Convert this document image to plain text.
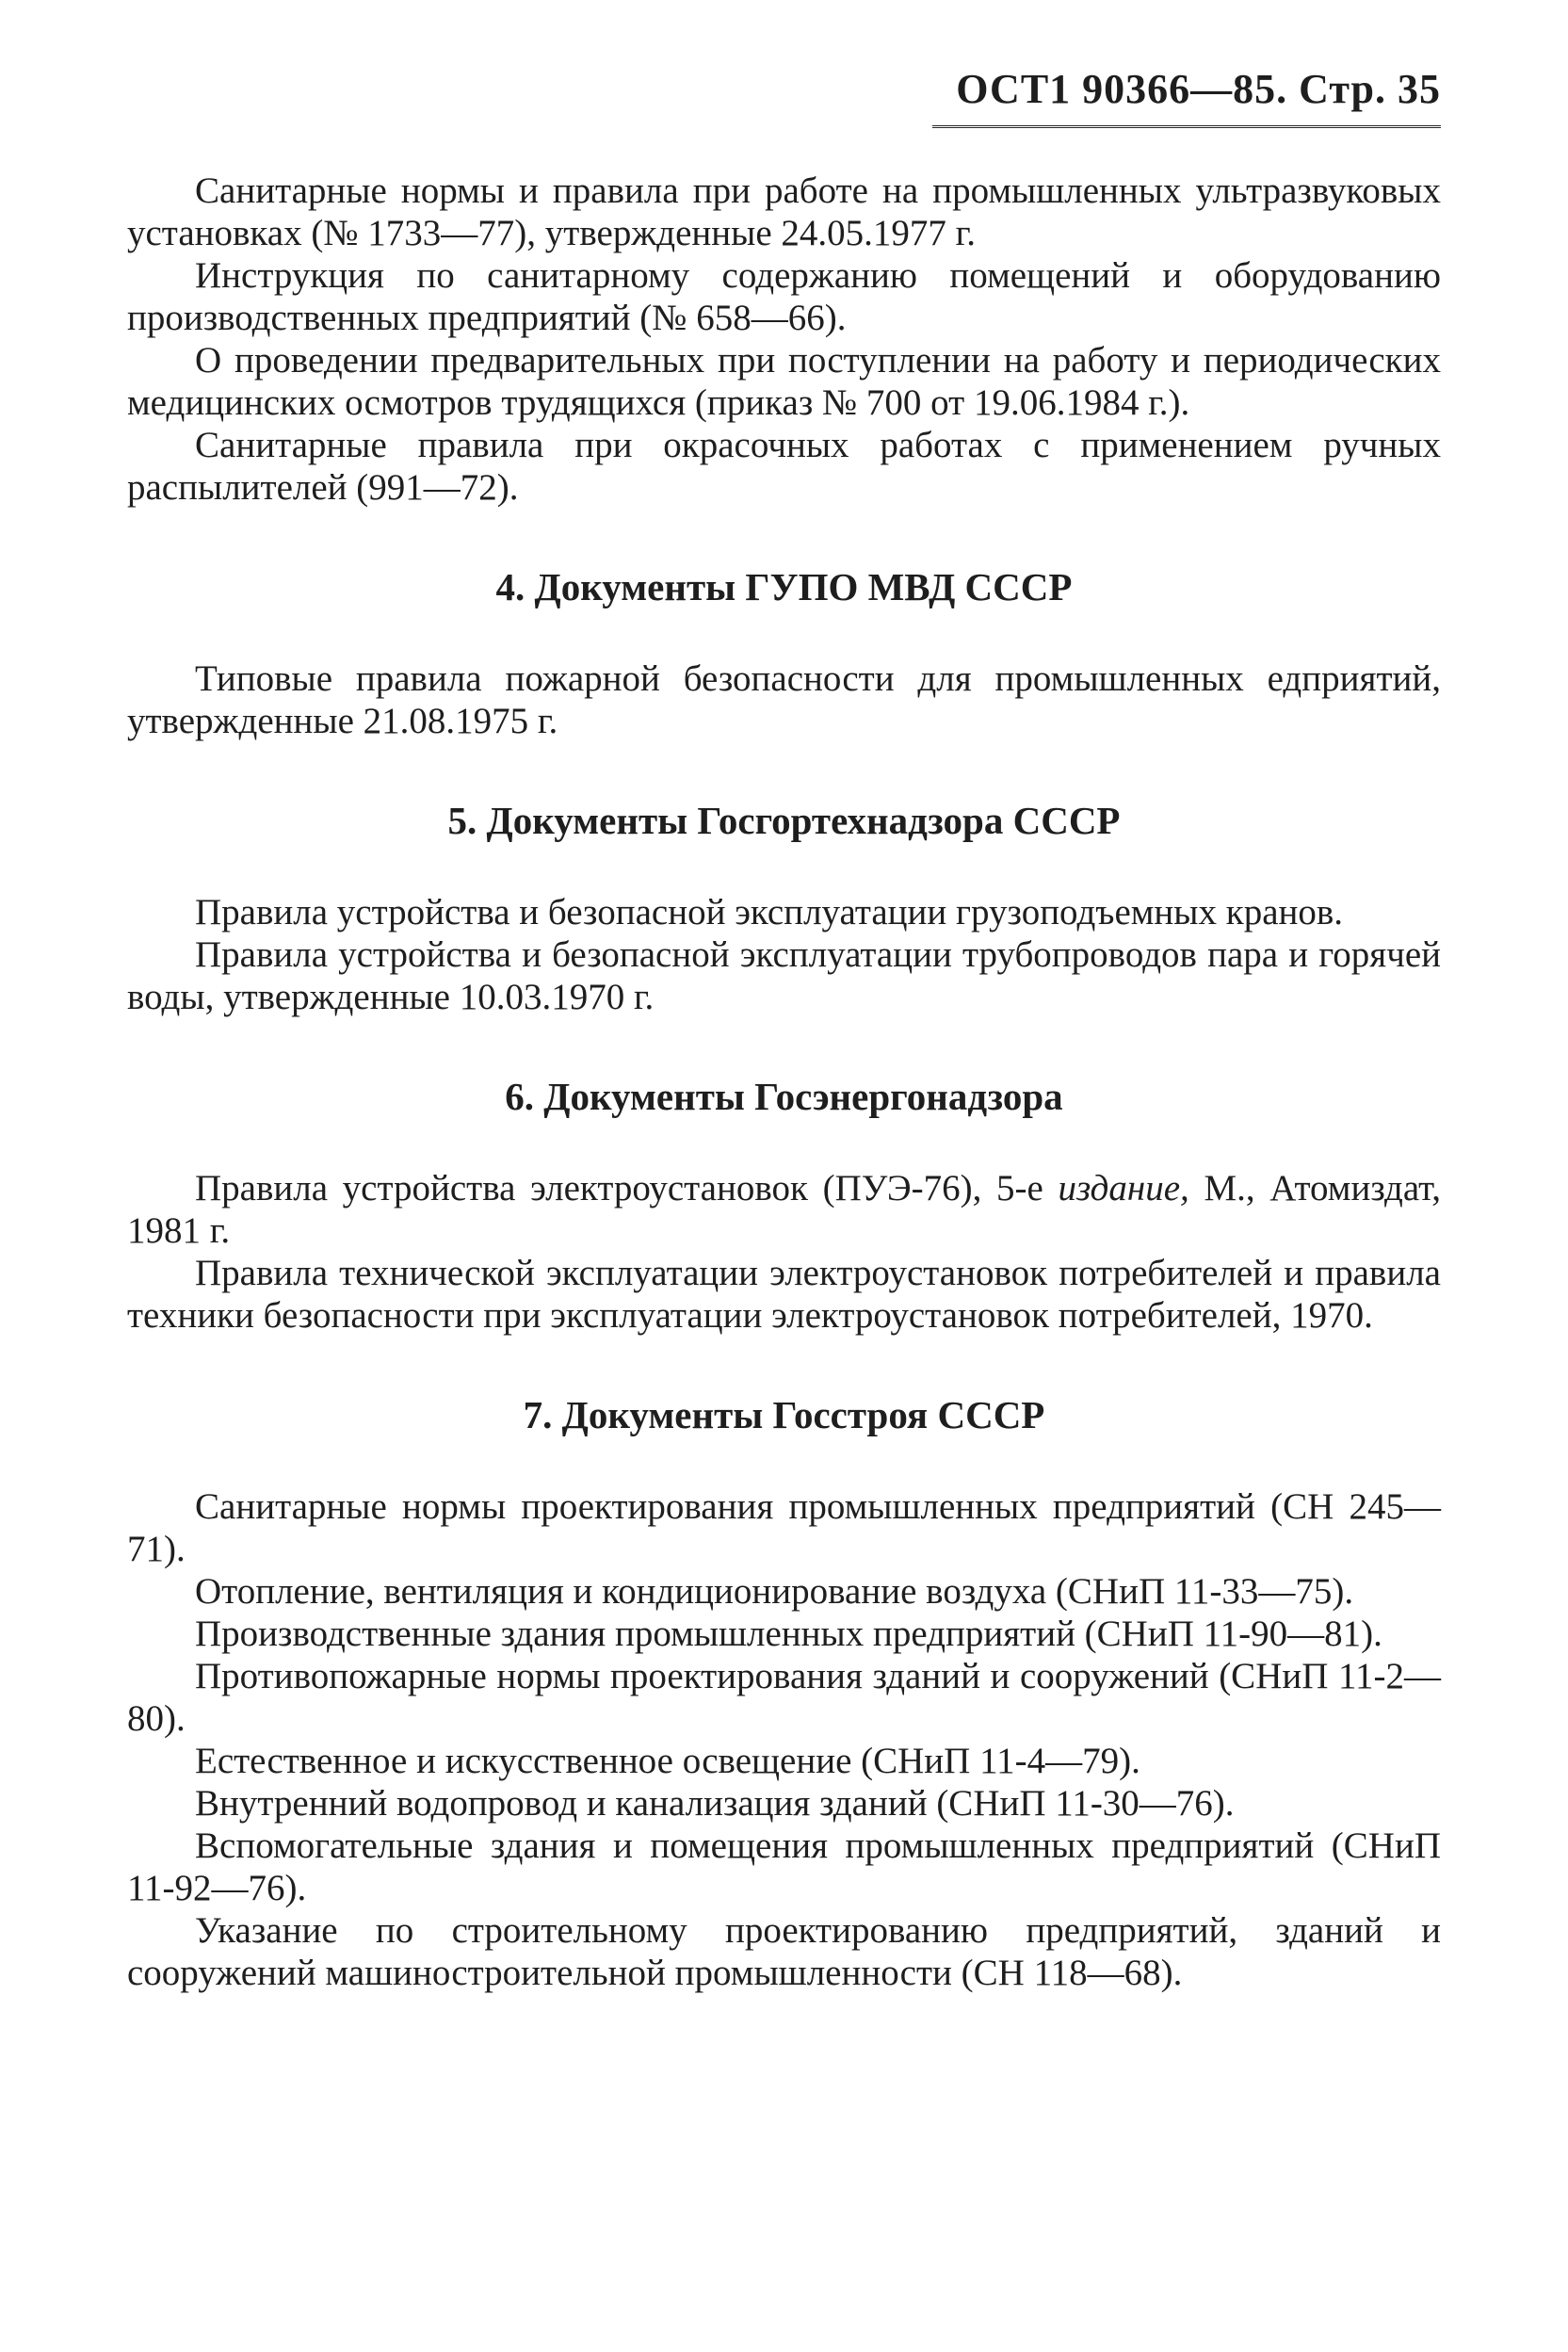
ОСТ1 90366—85. Стр. 35

Санитарные нормы и правила при работе на промышленных ультразвуковых установках (№ 1733—77), утвержденные 24.05.1977 г.

Инструкция по санитарному содержанию помещений и оборудованию производственных предприятий (№ 658—66).

О проведении предварительных при поступлении на работу и периодических медицинских осмотров трудящихся (приказ № 700 от 19.06.1984 г.).

Санитарные правила при окрасочных работах с применением ручных распылителей (991—72).

4. Документы ГУПО МВД СССР

Типовые правила пожарной безопасности для промышленных едприятий, утвержденные 21.08.1975 г.

5. Документы Госгортехнадзора СССР

Правила устройства и безопасной эксплуатации грузоподъемных кранов.

Правила устройства и безопасной эксплуатации трубопроводов пара и горячей воды, утвержденные 10.03.1970 г.

6. Документы Госэнергонадзора

Правила устройства электроустановок (ПУЭ-76), 5-е издание, М., Атомиздат, 1981 г.

Правила технической эксплуатации электроустановок потребителей и правила техники безопасности при эксплуатации электроустановок потребителей, 1970.

7. Документы Госстроя СССР

Санитарные нормы проектирования промышленных предприятий (СН 245—71).

Отопление, вентиляция и кондиционирование воздуха (СНиП 11-33—75).

Производственные здания промышленных предприятий (СНиП 11-90—81).

Противопожарные нормы проектирования зданий и сооружений (СНиП 11-2—80).

Естественное и искусственное освещение (СНиП 11-4—79).

Внутренний водопровод и канализация зданий (СНиП 11-30—76).

Вспомогательные здания и помещения промышленных предприятий (СНиП 11-92—76).

Указание по строительному проектированию предприятий, зданий и сооружений машиностроительной промышленности (СН 118—68).
